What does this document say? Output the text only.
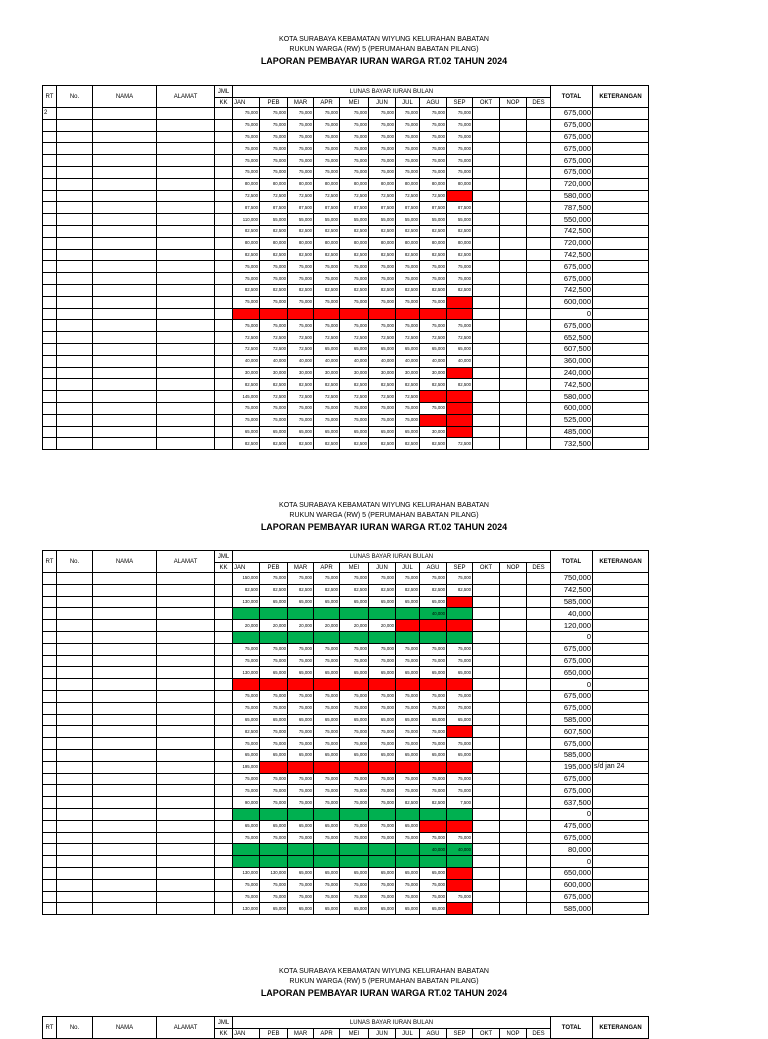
KOTA SURABAYA KEBAMATAN WIYUNG KELURAHAN BABATAN
RUKUN WARGA (RW) 5 (PERUMAHAN BABATAN PILANG)
LAPORAN PEMBAYAR IURAN WARGA RT.02 TAHUN 2024
RT	No.	NAMA	ALAMAT	JML	LUNAS BAYAR IURAN BULAN												TOTAL	KETERANGAN
				KK	JAN	PEB	MAR	APR	MEI	JUN	JUL	AGU	SEP	OKT	NOP	DES		
2					75,000	75,000	75,000	75,000	75,000	75,000	75,000	75,000	75,000				675,000	
					75,000	75,000	75,000	75,000	75,000	75,000	75,000	75,000	75,000				675,000	
					75,000	75,000	75,000	75,000	75,000	75,000	75,000	75,000	75,000				675,000	
					75,000	75,000	75,000	75,000	75,000	75,000	75,000	75,000	75,000				675,000	
					75,000	75,000	75,000	75,000	75,000	75,000	75,000	75,000	75,000				675,000	
					75,000	75,000	75,000	75,000	75,000	75,000	75,000	75,000	75,000				675,000	
					80,000	80,000	80,000	80,000	80,000	80,000	80,000	80,000	80,000				720,000	
					72,500	72,500	72,500	72,500	72,500	72,500	72,500	72,500					580,000	
					87,500	87,500	87,500	87,500	87,500	87,500	87,500	87,500	87,500				787,500	
					110,000	55,000	55,000	55,000	55,000	55,000	55,000	55,000	55,000				550,000	
					82,500	82,500	82,500	82,500	82,500	82,500	82,500	82,500	82,500				742,500	
					80,000	80,000	80,000	80,000	80,000	80,000	80,000	80,000	80,000				720,000	
					82,500	82,500	82,500	82,500	82,500	82,500	82,500	82,500	82,500				742,500	
					75,000	75,000	75,000	75,000	75,000	75,000	75,000	75,000	75,000				675,000	
					75,000	75,000	75,000	75,000	75,000	75,000	75,000	75,000	75,000				675,000	
					82,500	82,500	82,500	82,500	82,500	82,500	82,500	82,500	82,500				742,500	
					75,000	75,000	75,000	75,000	75,000	75,000	75,000	75,000					600,000	
																	0	
					75,000	75,000	75,000	75,000	75,000	75,000	75,000	75,000	75,000				675,000	
					72,500	72,500	72,500	72,500	72,500	72,500	72,500	72,500	72,500				652,500	
					72,500	72,500	72,500	65,000	65,000	65,000	65,000	65,000	65,000				607,500	
					40,000	40,000	40,000	40,000	40,000	40,000	40,000	40,000	40,000				360,000	
					30,000	30,000	30,000	30,000	30,000	30,000	30,000	30,000					240,000	
					82,500	82,500	82,500	82,500	82,500	82,500	82,500	82,500	82,500				742,500	
					145,000	72,500	72,500	72,500	72,500	72,500	72,500						580,000	
					75,000	75,000	75,000	75,000	75,000	75,000	75,000	75,000					600,000	
					75,000	75,000	75,000	75,000	75,000	75,000	75,000						525,000	
					65,000	65,000	65,000	65,000	65,000	65,000	65,000	30,000					485,000	
					82,500	82,500	82,500	82,500	82,500	82,500	82,500	82,500	72,500				732,500	
KOTA SURABAYA KEBAMATAN WIYUNG KELURAHAN BABATAN
RUKUN WARGA (RW) 5 (PERUMAHAN BABATAN PILANG)
LAPORAN PEMBAYAR IURAN WARGA RT.02 TAHUN 2024
RT	No.	NAMA	ALAMAT	JML	LUNAS BAYAR IURAN BULAN												TOTAL	KETERANGAN
				KK	JAN	PEB	MAR	APR	MEI	JUN	JUL	AGU	SEP	OKT	NOP	DES		
					150,000	75,000	75,000	75,000	75,000	75,000	75,000	75,000	75,000				750,000	
					82,500	82,500	82,500	82,500	82,500	82,500	82,500	82,500	82,500				742,500	
					130,000	65,000	65,000	65,000	65,000	65,000	65,000	65,000					585,000	
												40,000					40,000	
					20,000	20,000	20,000	20,000	20,000	20,000							120,000	
																	0	
					75,000	75,000	75,000	75,000	75,000	75,000	75,000	75,000	75,000				675,000	
					75,000	75,000	75,000	75,000	75,000	75,000	75,000	75,000	75,000				675,000	
					130,000	65,000	65,000	65,000	65,000	65,000	65,000	65,000	65,000				650,000	
																	0	
					75,000	75,000	75,000	75,000	75,000	75,000	75,000	75,000	75,000				675,000	
					75,000	75,000	75,000	75,000	75,000	75,000	75,000	75,000	75,000				675,000	
					65,000	65,000	65,000	65,000	65,000	65,000	65,000	65,000	65,000				585,000	
					82,500	75,000	75,000	75,000	75,000	75,000	75,000	75,000					607,500	
					75,000	75,000	75,000	75,000	75,000	75,000	75,000	75,000	75,000				675,000	
					65,000	65,000	65,000	65,000	65,000	65,000	65,000	65,000	65,000				585,000	
					195,000												195,000	s/d jan 24
					75,000	75,000	75,000	75,000	75,000	75,000	75,000	75,000	75,000				675,000	
					75,000	75,000	75,000	75,000	75,000	75,000	75,000	75,000	75,000				675,000	
					90,000	75,000	75,000	75,000	75,000	75,000	82,500	82,500	7,500				637,500	
																	0	
					65,000	65,000	65,000	65,000	75,000	75,000	65,000						475,000	
					75,000	75,000	75,000	75,000	75,000	75,000	75,000	75,000	75,000				675,000	
												40,000	40,000				80,000	
																	0	
					130,000	130,000	65,000	65,000	65,000	65,000	65,000	65,000					650,000	
					75,000	75,000	75,000	75,000	75,000	75,000	75,000	75,000					600,000	
					75,000	75,000	75,000	75,000	75,000	75,000	75,000	75,000	75,000				675,000	
					130,000	65,000	65,000	65,000	65,000	65,000	65,000	65,000					585,000	
KOTA SURABAYA KEBAMATAN WIYUNG KELURAHAN BABATAN
RUKUN WARGA (RW) 5 (PERUMAHAN BABATAN PILANG)
LAPORAN PEMBAYAR IURAN WARGA RT.02 TAHUN 2024
RT	No.	NAMA	ALAMAT	JML	LUNAS BAYAR IURAN BULAN												TOTAL	KETERANGAN
				KK	JAN	PEB	MAR	APR	MEI	JUN	JUL	AGU	SEP	OKT	NOP	DES		
